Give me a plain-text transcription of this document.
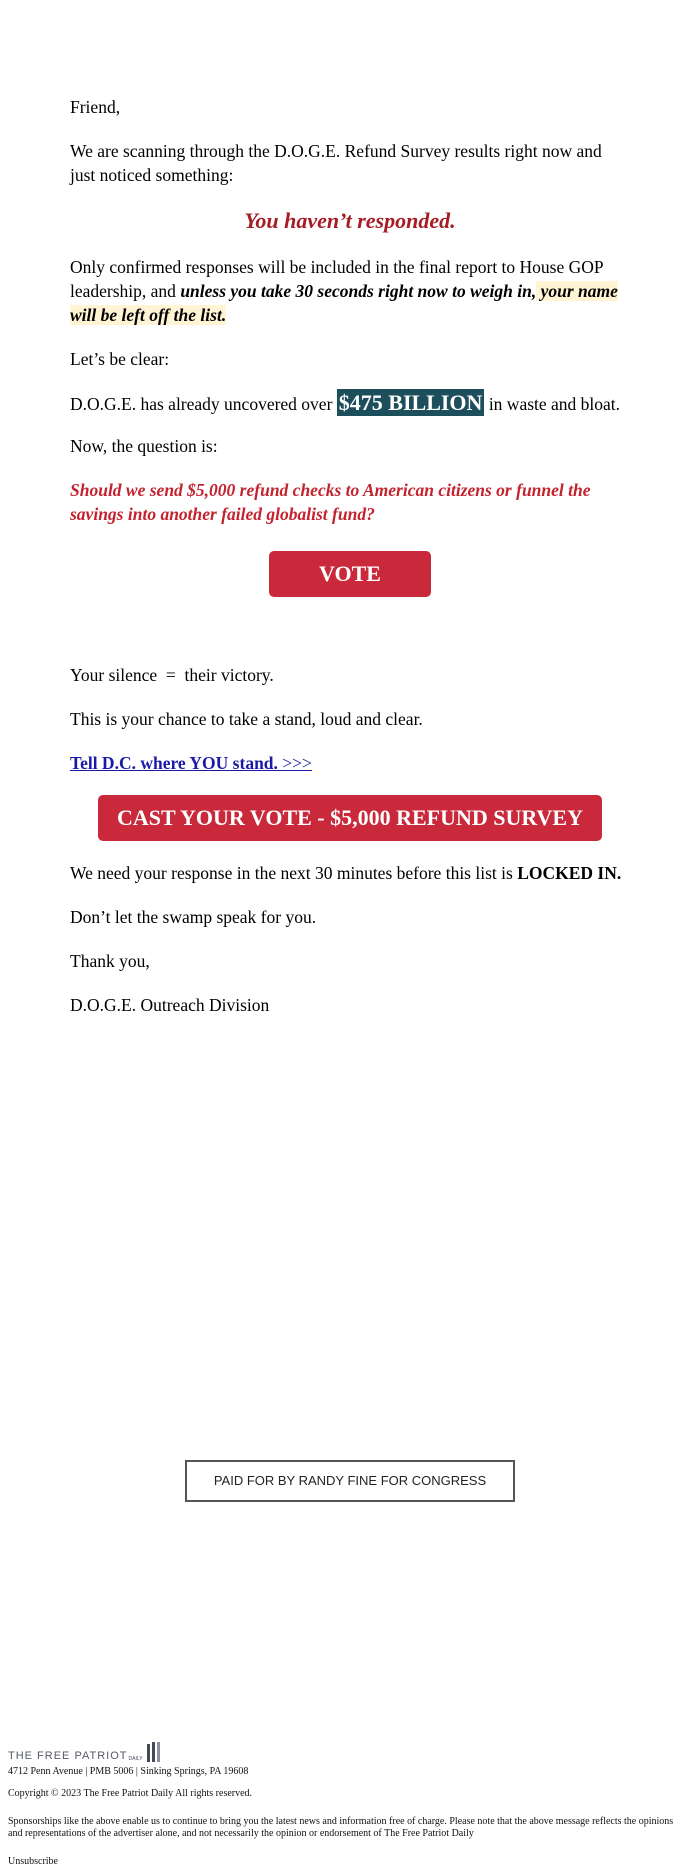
Friend,

We are scanning through the D.O.G.E. Refund Survey results right now and just noticed something:

You haven’t responded.

Only confirmed responses will be included in the final report to House GOP leadership, and unless you take 30 seconds right now to weigh in, your name will be left off the list.

Let’s be clear:

D.O.G.E. has already uncovered over $475 BILLION in waste and bloat.

Now, the question is:

Should we send $5,000 refund checks to American citizens or funnel the savings into another failed globalist fund?

VOTE NOW

Your silence  =  their victory.

This is your chance to take a stand, loud and clear.

Tell D.C. where YOU stand. >>>

CAST YOUR VOTE - $5,000 REFUND SURVEY

We need your response in the next 30 minutes before this list is LOCKED IN.

Don’t let the swamp speak for you.

Thank you,

D.O.G.E. Outreach Division

PAID FOR BY RANDY FINE FOR CONGRESS
THE FREE PATRIOT DAILY

4712 Penn Avenue | PMB 5006 | Sinking Springs, PA 19608

Copyright © 2023 The Free Patriot Daily All rights reserved.

Sponsorships like the above enable us to continue to bring you the latest news and information free of charge. Please note that the above message reflects the opinions and representations of the advertiser alone, and not necessarily the opinion or endorsement of The Free Patriot Daily

Unsubscribe
